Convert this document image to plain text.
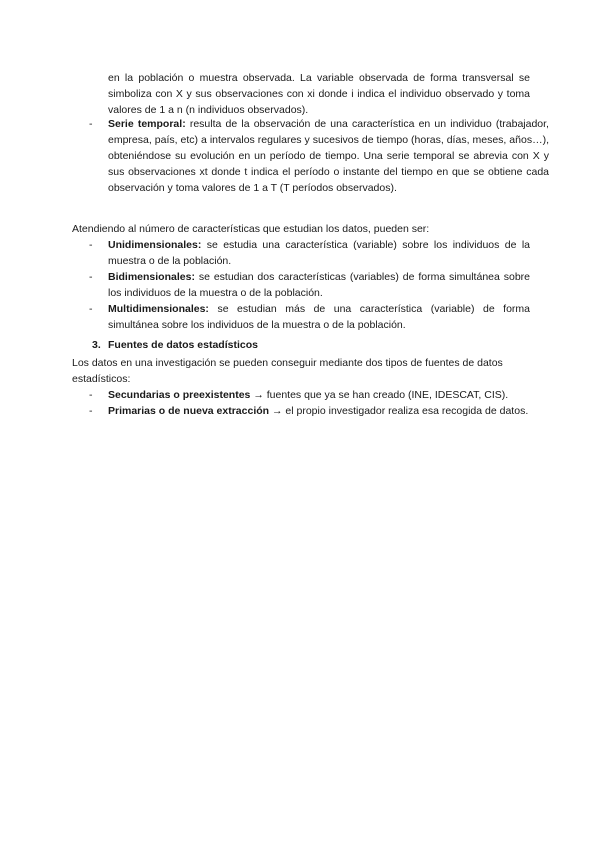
en la población o muestra observada. La variable observada de forma transversal se simboliza con X y sus observaciones con xi donde i indica el individuo observado y toma valores de 1 a n (n individuos observados).
- Serie temporal: resulta de la observación de una característica en un individuo (trabajador, empresa, país, etc) a intervalos regulares y sucesivos de tiempo (horas, días, meses, años…), obteniéndose su evolución en un período de tiempo. Una serie temporal se abrevia con X y sus observaciones xt donde t indica el período o instante del tiempo en que se obtiene cada observación y toma valores de 1 a T (T períodos observados).
Atendiendo al número de características que estudian los datos, pueden ser:
- Unidimensionales: se estudia una característica (variable) sobre los individuos de la muestra o de la población.
- Bidimensionales: se estudian dos características (variables) de forma simultánea sobre los individuos de la muestra o de la población.
- Multidimensionales: se estudian más de una característica (variable) de forma simultánea sobre los individuos de la muestra o de la población.
3. Fuentes de datos estadísticos
Los datos en una investigación se pueden conseguir mediante dos tipos de fuentes de datos estadísticos:
- Secundarias o preexistentes → fuentes que ya se han creado (INE, IDESCAT, CIS).
- Primarias o de nueva extracción → el propio investigador realiza esa recogida de datos.
